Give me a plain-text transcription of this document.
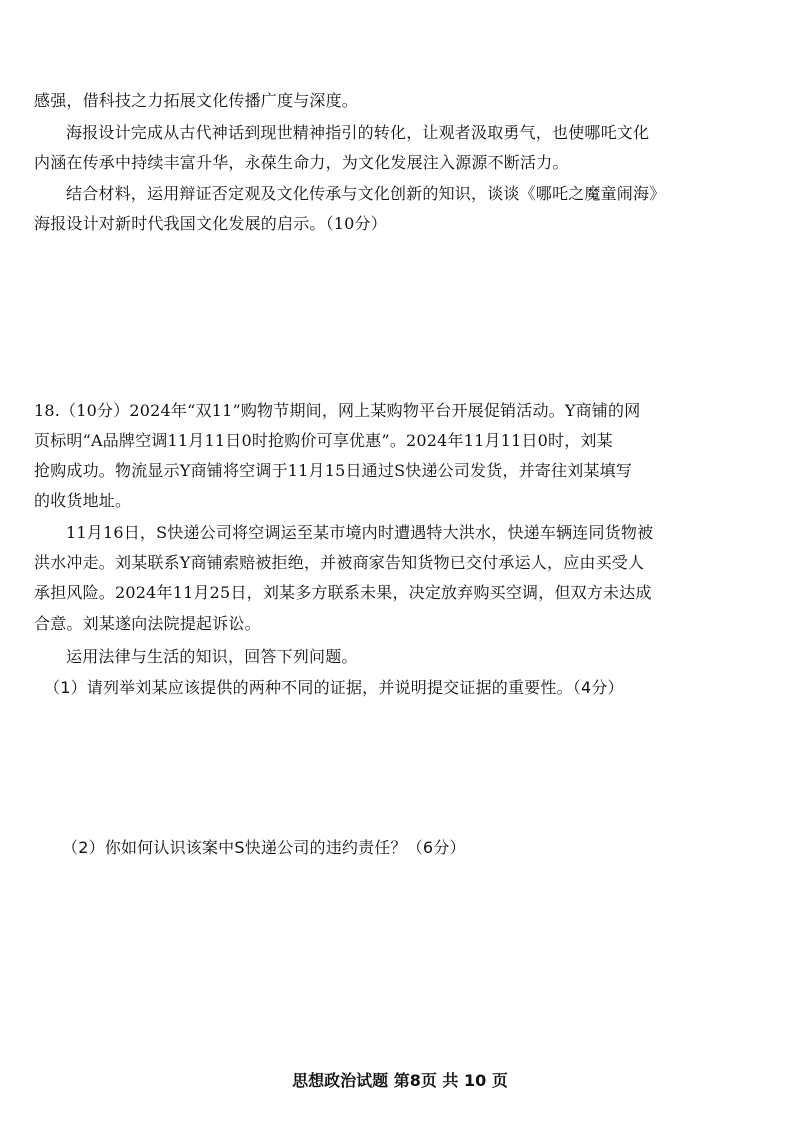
感强，借科技之力拓展文化传播广度与深度。
海报设计完成从古代神话到现世精神指引的转化，让观者汲取勇气，也使哪吒文化
内涵在传承中持续丰富升华，永葆生命力，为文化发展注入源源不断活力。
结合材料，运用辩证否定观及文化传承与文化创新的知识，谈谈《哪吒之魔童闹海》
海报设计对新时代我国文化发展的启示。（10分）
18.（10分）2024年“双11”购物节期间，网上某购物平台开展促销活动。Y商铺的网
页标明“A品牌空调11月11日0时抢购价可享优惠”。2024年11月11日0时，刘某
抢购成功。物流显示Y商铺将空调于11月15日通过S快递公司发货，并寄往刘某填写
的收货地址。
11月16日，S快递公司将空调运至某市境内时遭遇特大洪水，快递车辆连同货物被
洪水冲走。刘某联系Y商铺索赔被拒绝，并被商家告知货物已交付承运人，应由买受人
承担风险。2024年11月25日，刘某多方联系未果，决定放弃购买空调，但双方未达成
合意。刘某遂向法院提起诉讼。
运用法律与生活的知识，回答下列问题。
（1）请列举刘某应该提供的两种不同的证据，并说明提交证据的重要性。（4分）
（2）你如何认识该案中S快递公司的违约责任？（6分）
思想政治试题 第8页 共 10 页
